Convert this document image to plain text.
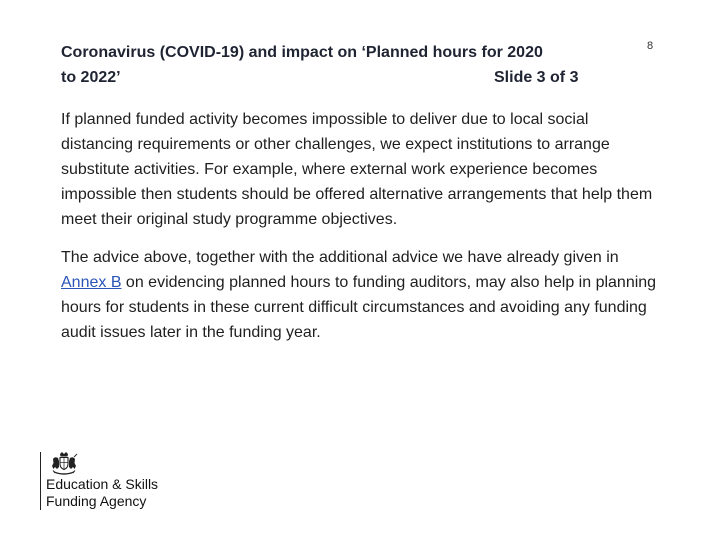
Coronavirus (COVID-19) and impact on ‘Planned hours for 2020
to 2022’	Slide 3 of 3
8

If planned funded activity becomes impossible to deliver due to local social distancing requirements or other challenges, we expect institutions to arrange substitute activities. For example, where external work experience becomes impossible then students should be offered alternative arrangements that help them meet their original study programme objectives.

The advice above, together with the additional advice we have already given in Annex B on evidencing planned hours to funding auditors, may also help in planning hours for students in these current difficult circumstances and avoiding any funding audit issues later in the funding year.

Education & Skills
Funding Agency
